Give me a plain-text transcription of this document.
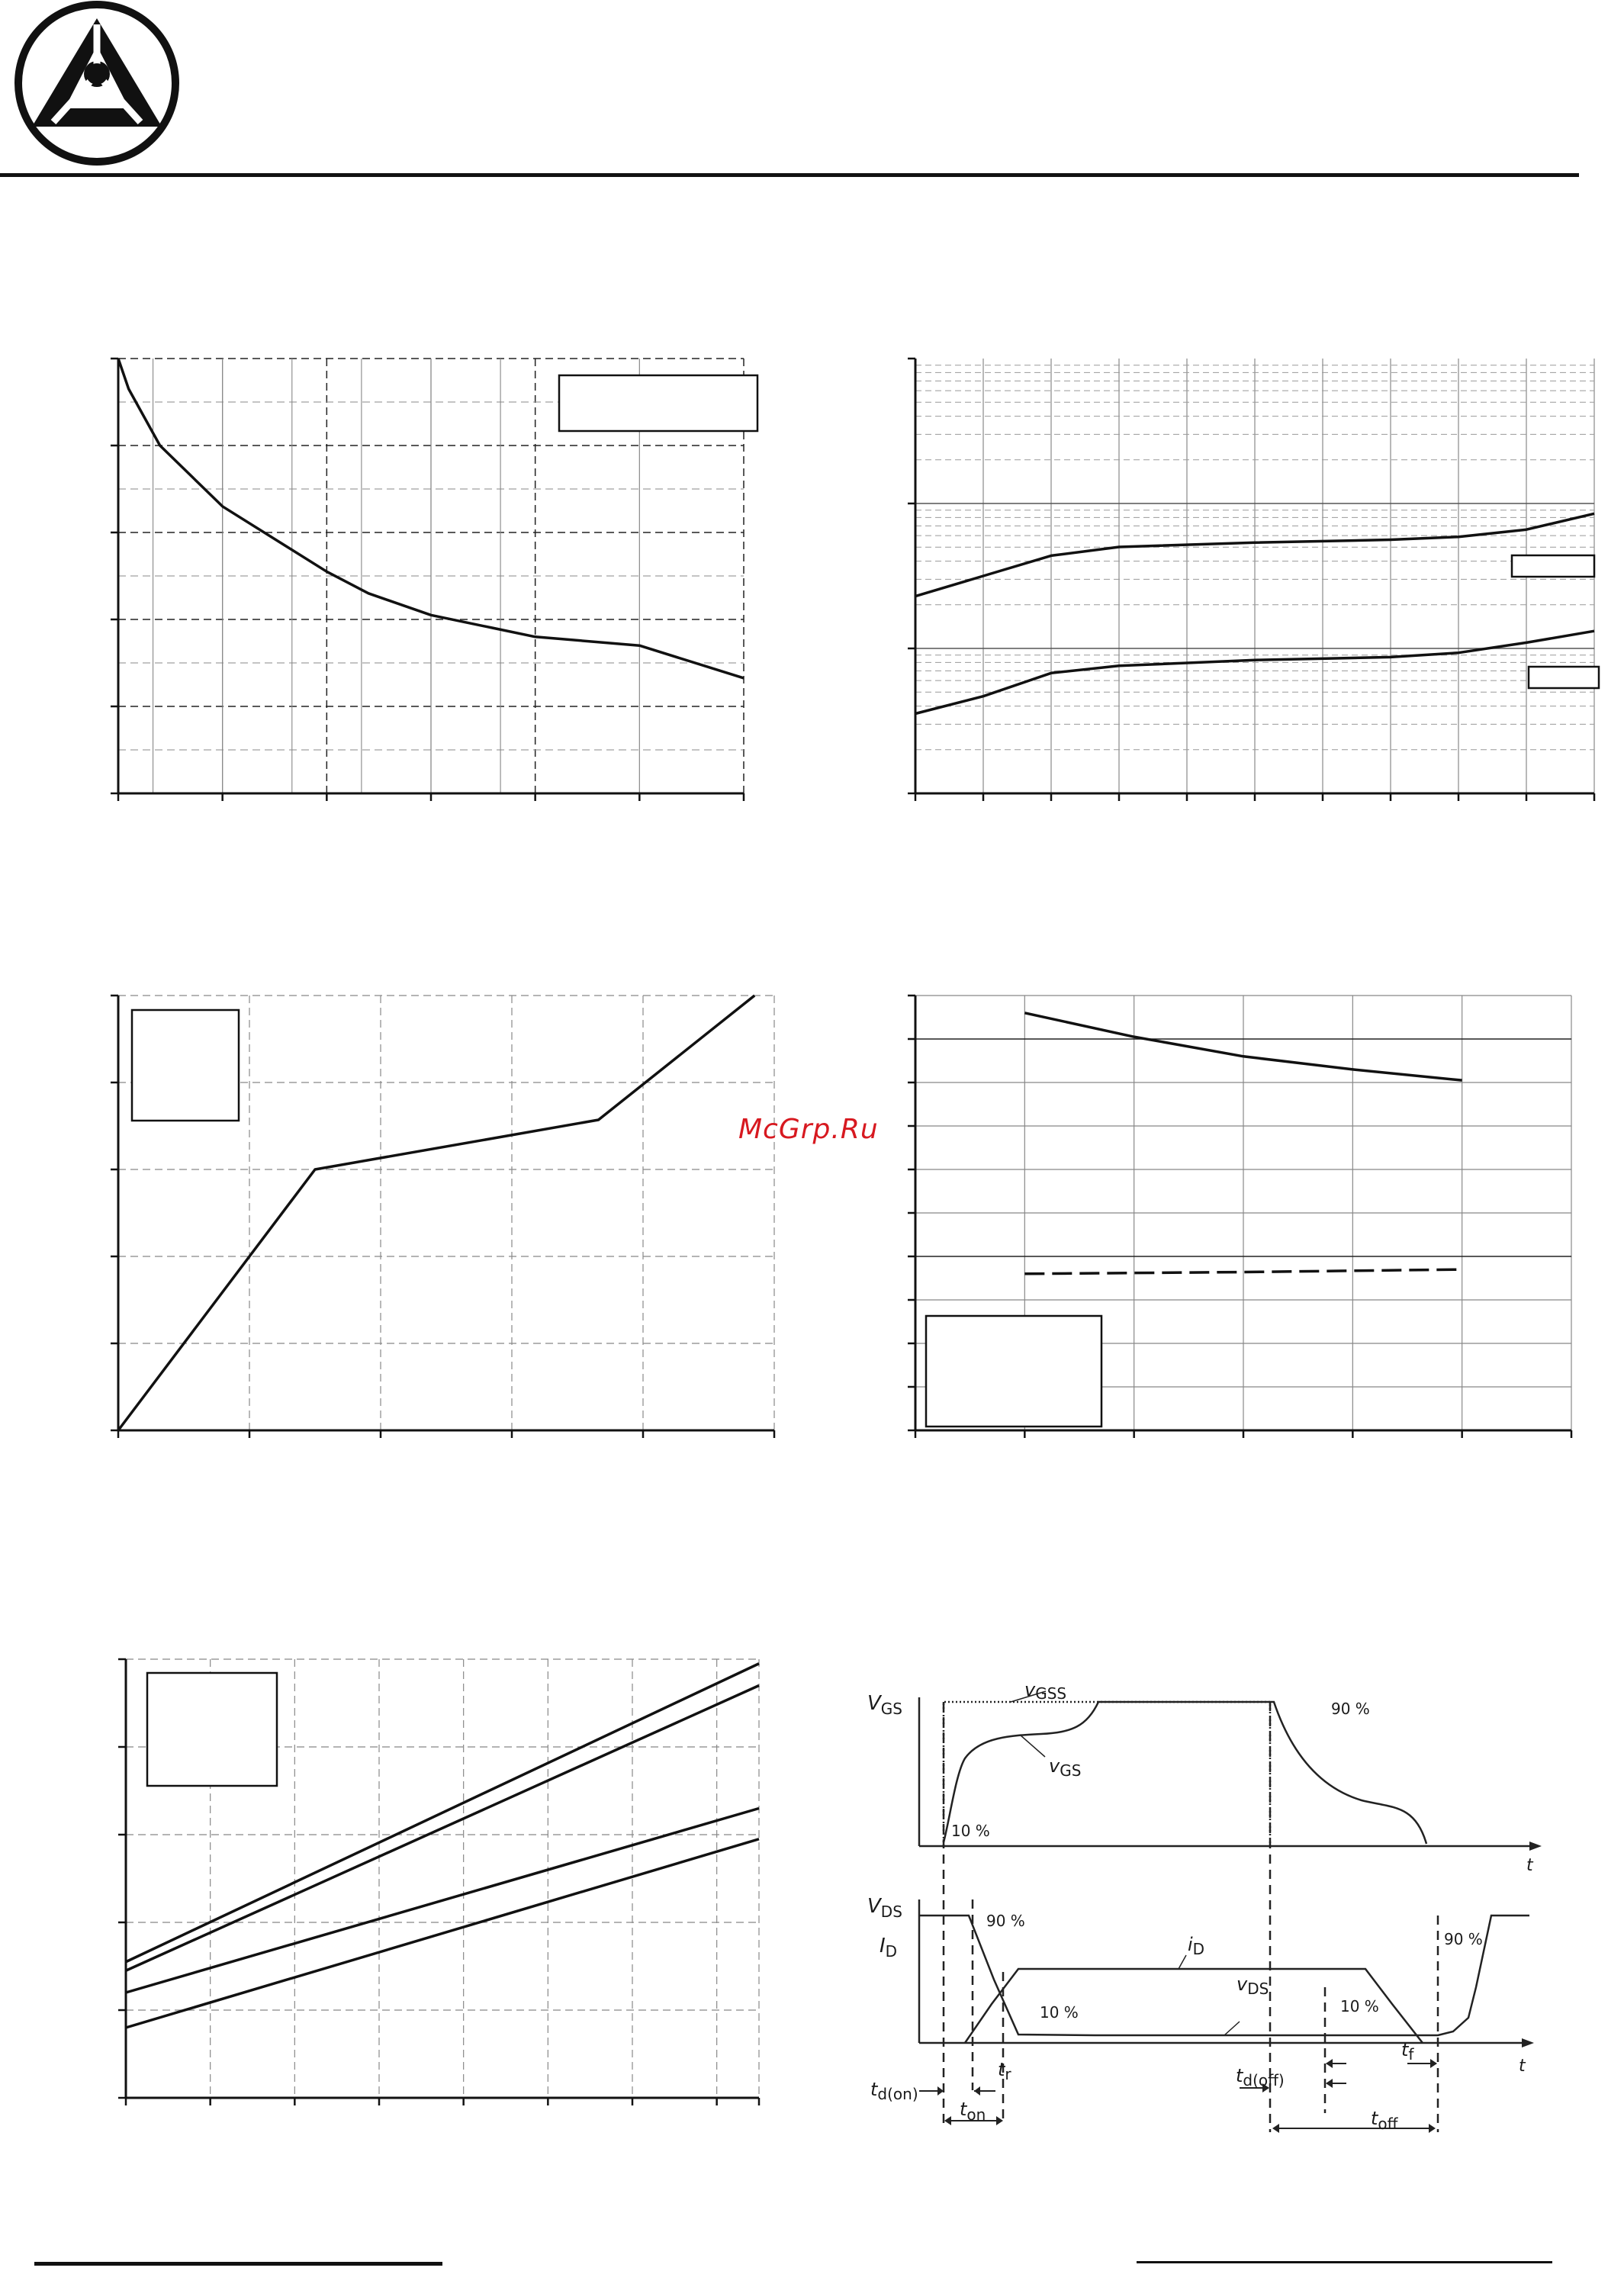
McGrp.Ru
$V_{GS}$
vGSS
$v_{GS}$
10 %
90 %
t
$V_{DS}$
$I_D$
90 %
10 %	10 %
90 %
$i_D$
$v_{DS}$
t
$t_{d(on)}$
$t_r$
$t_{on}$
$t_{d(off)}$
$t_f$
$t_{off}$
